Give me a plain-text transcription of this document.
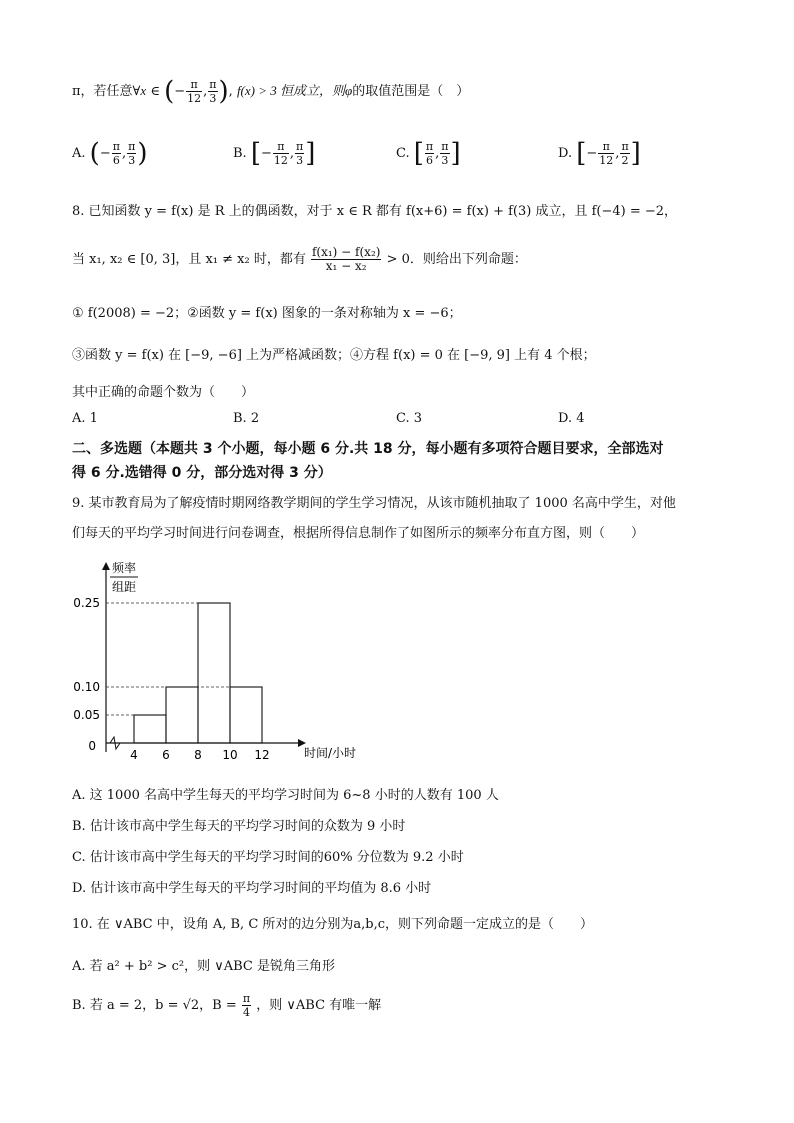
π，若任意∀x ∈ (− $\frac{\pi}{12}$ , $\frac{\pi}{3}$ ), f(x) > 3 恒成立，则φ的取值范围是（　）
A. (− $\frac{\pi}{6}$ , $\frac{\pi}{3}$ )	B. [− $\frac{\pi}{12}$ , $\frac{\pi}{3}$ ]	C. [ $\frac{\pi}{6}$ , $\frac{\pi}{3}$ ]	D. [− $\frac{\pi}{12}$ , $\frac{\pi}{2}$ ]
8. 已知函数 y = f(x) 是 R 上的偶函数，对于 x ∈ R 都有 f(x+6) = f(x) + f(3) 成立，且 f(−4) = −2，
当 x₁, x₂ ∈ [0, 3]，且 x₁ ≠ x₂ 时，都有 $\frac{\text{f(x₁) − f(x₂)}}{\text{x₁ − x₂}} > 0$．则给出下列命题：
① f(2008) = −2；②函数 y = f(x) 图象的一条对称轴为 x = −6；
③函数 y = f(x) 在 [−9, −6] 上为严格减函数；④方程 f(x) = 0 在 [−9, 9] 上有 4 个根；
其中正确的命题个数为（　　）
A. 1	B. 2	C. 3	D. 4
二、多选题（本题共 3 个小题，每小题 6 分.共 18 分，每小题有多项符合题目要求，全部选对
得 6 分.选错得 0 分，部分选对得 3 分）
9. 某市教育局为了解疫情时期网络教学期间的学生学习情况，从该市随机抽取了 1000 名高中学生，对他
们每天的平均学习时间进行问卷调查，根据所得信息制作了如图所示的频率分布直方图，则（　　）
频率
组距
0	时间/小时
0.05
0.10
0.25
4 6 8 10 12
A. 这 1000 名高中学生每天的平均学习时间为 6~8 小时的人数有 100 人
B. 估计该市高中学生每天的平均学习时间的众数为 9 小时
C. 估计该市高中学生每天的平均学习时间的60% 分位数为 9.2 小时
D. 估计该市高中学生每天的平均学习时间的平均值为 8.6 小时
10. 在 ∨ABC 中，设角 A, B, C 所对的边分别为a,b,c，则下列命题一定成立的是（　　）
A. 若 a² + b² > c²，则 ∨ABC 是锐角三角形
B. 若 a = 2，b = √2，$B = \frac{\pi}{4}$ ，则 ∨ABC 有唯一解
